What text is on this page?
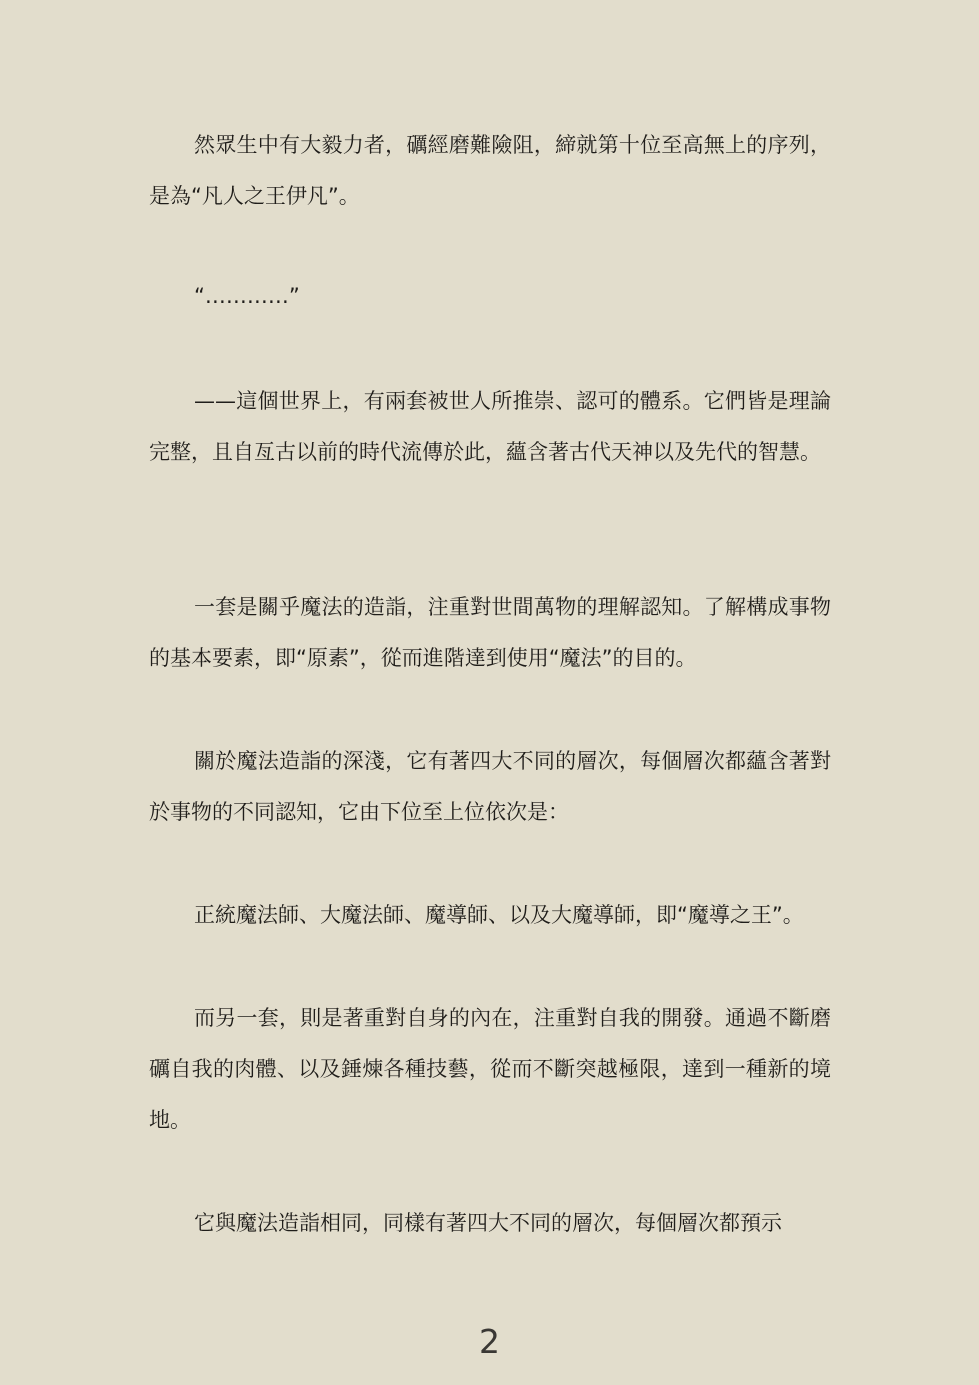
然眾生中有大毅力者，礪經磨難險阻，締就第十位至高無上的序列，是為“凡人之王伊凡”。

“…………”

——這個世界上，有兩套被世人所推崇、認可的體系。它們皆是理論完整，且自亙古以前的時代流傳於此，蘊含著古代天神以及先代的智慧。

一套是關乎魔法的造詣，注重對世間萬物的理解認知。了解構成事物的基本要素，即“原素”，從而進階達到使用“魔法”的目的。

關於魔法造詣的深淺，它有著四大不同的層次，每個層次都蘊含著對於事物的不同認知，它由下位至上位依次是：

正統魔法師、大魔法師、魔導師、以及大魔導師，即“魔導之王”。

而另一套，則是著重對自身的內在，注重對自我的開發。通過不斷磨礪自我的肉體、以及錘煉各種技藝，從而不斷突越極限，達到一種新的境地。

它與魔法造詣相同，同樣有著四大不同的層次，每個層次都預示

2
